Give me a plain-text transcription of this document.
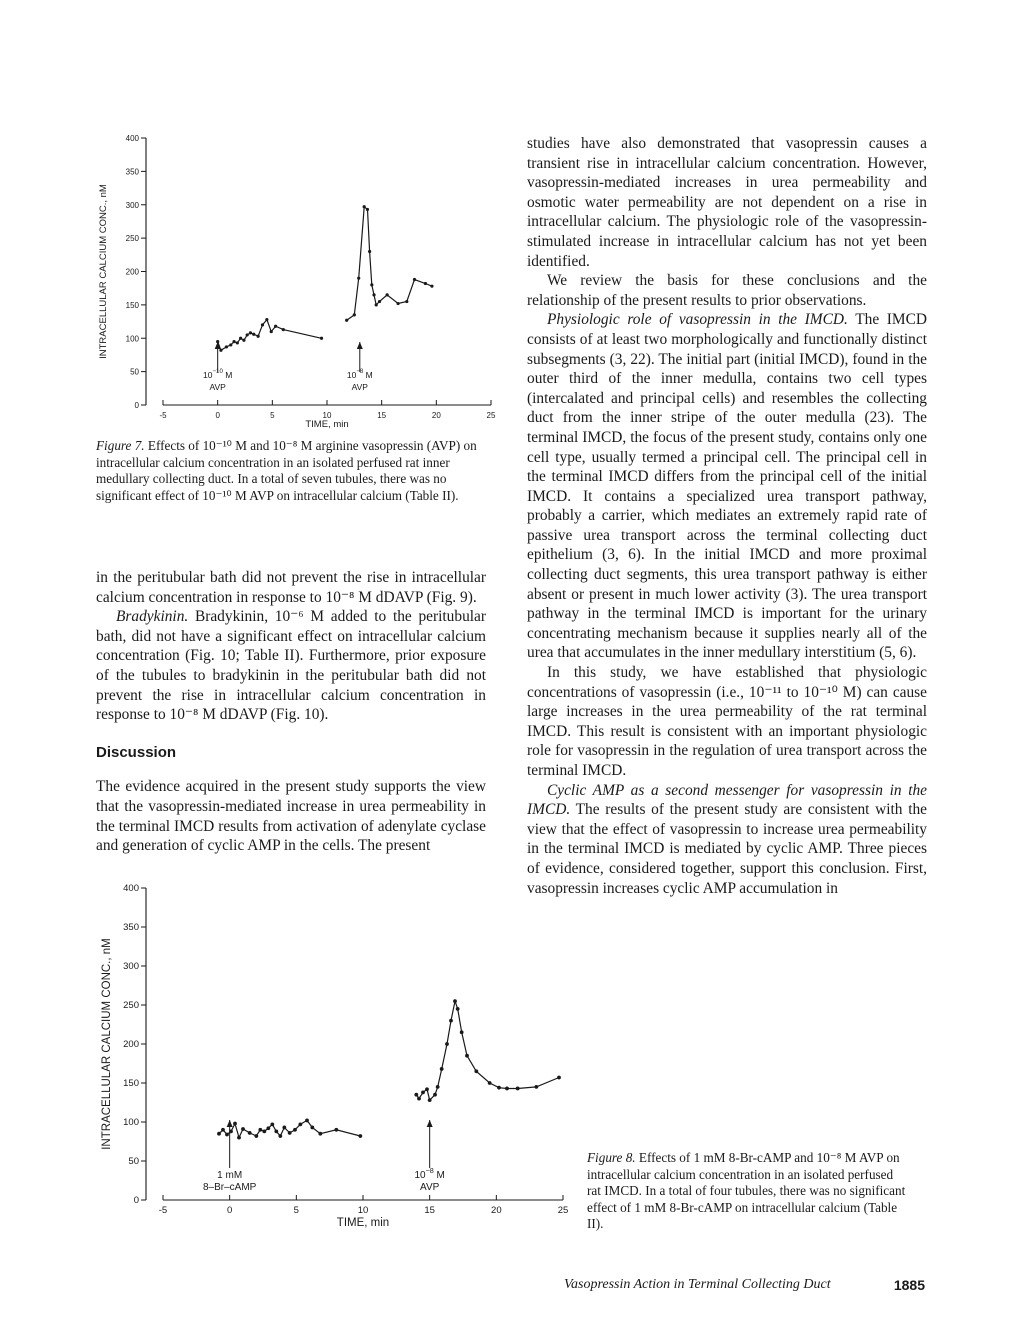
0
50
100
150
200
250
300
350
400
-5	0	5	10	15	20	25
TIME, min
INTRACELLULAR CALCIUM CONC., nM
$10^{-10}$ M
AVP
$10^{-8}$ M
AVP
Figure 7. Effects of 10⁻¹⁰ M and 10⁻⁸ M arginine vasopressin (AVP) on intracellular calcium concentration in an isolated perfused rat inner medullary collecting duct. In a total of seven tubules, there was no significant effect of 10⁻¹⁰ M AVP on intracellular calcium (Table II).

in the peritubular bath did not prevent the rise in intracellular calcium concentration in response to 10⁻⁸ M dDAVP (Fig. 9).

Bradykinin. Bradykinin, 10⁻⁶ M added to the peritubular bath, did not have a significant effect on intracellular calcium concentration (Fig. 10; Table II). Furthermore, prior exposure of the tubules to bradykinin in the peritubular bath did not prevent the rise in intracellular calcium concentration in response to 10⁻⁸ M dDAVP (Fig. 10).

Discussion

The evidence acquired in the present study supports the view that the vasopressin-mediated increase in urea permeability in the terminal IMCD results from activation of adenylate cyclase and generation of cyclic AMP in the cells. The present

studies have also demonstrated that vasopressin causes a transient rise in intracellular calcium concentration. However, vasopressin-mediated increases in urea permeability and osmotic water permeability are not dependent on a rise in intracellular calcium. The physiologic role of the vasopressin-stimulated increase in intracellular calcium has not yet been identified.

We review the basis for these conclusions and the relationship of the present results to prior observations.

Physiologic role of vasopressin in the IMCD. The IMCD consists of at least two morphologically and functionally distinct subsegments (3, 22). The initial part (initial IMCD), found in the outer third of the inner medulla, contains two cell types (intercalated and principal cells) and resembles the collecting duct from the inner stripe of the outer medulla (23). The terminal IMCD, the focus of the present study, contains only one cell type, usually termed a principal cell. The principal cell in the terminal IMCD differs from the principal cell of the initial IMCD. It contains a specialized urea transport pathway, probably a carrier, which mediates an extremely rapid rate of passive urea transport across the terminal collecting duct epithelium (3, 6). In the initial IMCD and more proximal collecting duct segments, this urea transport pathway is either absent or present in much lower activity (3). The urea transport pathway in the terminal IMCD is important for the urinary concentrating mechanism because it supplies nearly all of the urea that accumulates in the inner medullary interstitium (5, 6).

In this study, we have established that physiologic concentrations of vasopressin (i.e., 10⁻¹¹ to 10⁻¹⁰ M) can cause large increases in the urea permeability of the rat terminal IMCD. This result is consistent with an important physiologic role for vasopressin in the regulation of urea transport across the terminal IMCD.

Cyclic AMP as a second messenger for vasopressin in the IMCD. The results of the present study are consistent with the view that the effect of vasopressin to increase urea permeability in the terminal IMCD is mediated by cyclic AMP. Three pieces of evidence, considered together, support this conclusion. First, vasopressin increases cyclic AMP accumulation in

0
50
100
150
200
250
300
350
400
-5	0	5	10	15	20	25
TIME, min
INTRACELLULAR CALCIUM CONC., nM
1 mM
8–Br–cAMP
$10^{-8}$ M
AVP
Figure 8. Effects of 1 mM 8-Br-cAMP and 10⁻⁸ M AVP on intracellular calcium concentration in an isolated perfused rat IMCD. In a total of four tubules, there was no significant effect of 1 mM 8-Br-cAMP on intracellular calcium (Table II).
Vasopressin Action in Terminal Collecting Duct	1885
